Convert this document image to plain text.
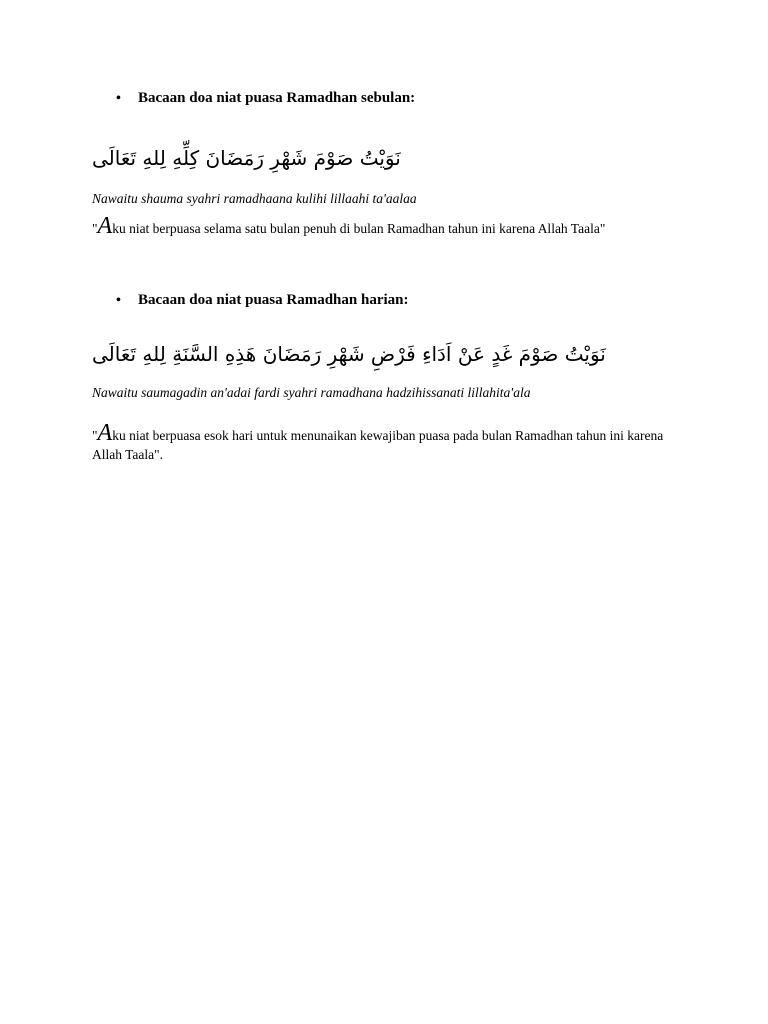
•	Bacaan doa niat puasa Ramadhan sebulan:
نَوَيْتُ صَوْمَ شَهْرِ رَمَضَانَ كِلِّهِ لِلهِ تَعَالَى
Nawaitu shauma syahri ramadhaana kulihi lillaahi ta'aalaa
"Aku niat berpuasa selama satu bulan penuh di bulan Ramadhan tahun ini karena Allah Taala"
•	Bacaan doa niat puasa Ramadhan harian:
نَوَيْتُ صَوْمَ غَدٍ عَنْ اَدَاءِ فَرْضِ شَهْرِ رَمَضَانَ هَذِهِ السَّنَةِ لِلهِ تَعَالَى
Nawaitu saumagadin an'adai fardi syahri ramadhana hadzihissanati lillahita'ala
"Aku niat berpuasa esok hari untuk menunaikan kewajiban puasa pada bulan Ramadhan tahun ini karena Allah Taala".
